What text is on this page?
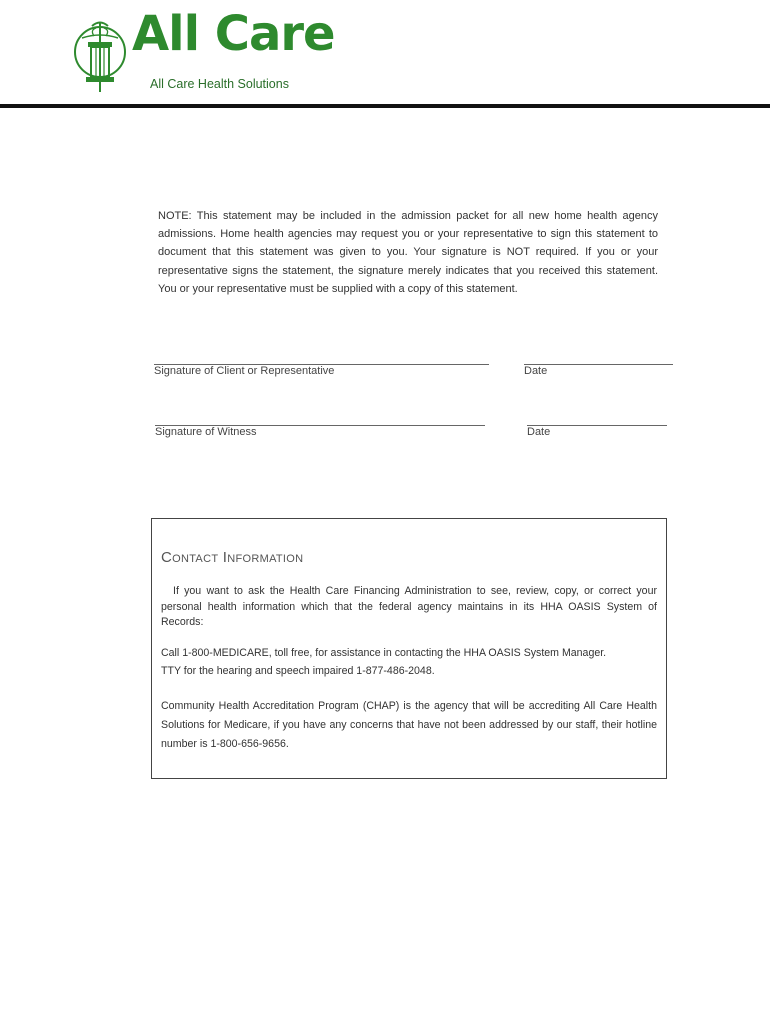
All Care
All Care Health Solutions
NOTE: This statement may be included in the admission packet for all new home health agency admissions. Home health agencies may request you or your representative to sign this statement to document that this statement was given to you. Your signature is NOT required. If you or your representative signs the statement, the signature merely indicates that you received this statement. You or your representative must be supplied with a copy of this statement.
Signature of Client or Representative	Date
Signature of Witness	Date
Contact Information
If you want to ask the Health Care Financing Administration to see, review, copy, or correct your personal health information which that the federal agency maintains in its HHA OASIS System of Records:
Call 1-800-MEDICARE, toll free, for assistance in contacting the HHA OASIS System Manager.
TTY for the hearing and speech impaired 1-877-486-2048.
Community Health Accreditation Program (CHAP) is the agency that will be accrediting All Care Health Solutions for Medicare, if you have any concerns that have not been addressed by our staff, their hotline number is 1-800-656-9656.
